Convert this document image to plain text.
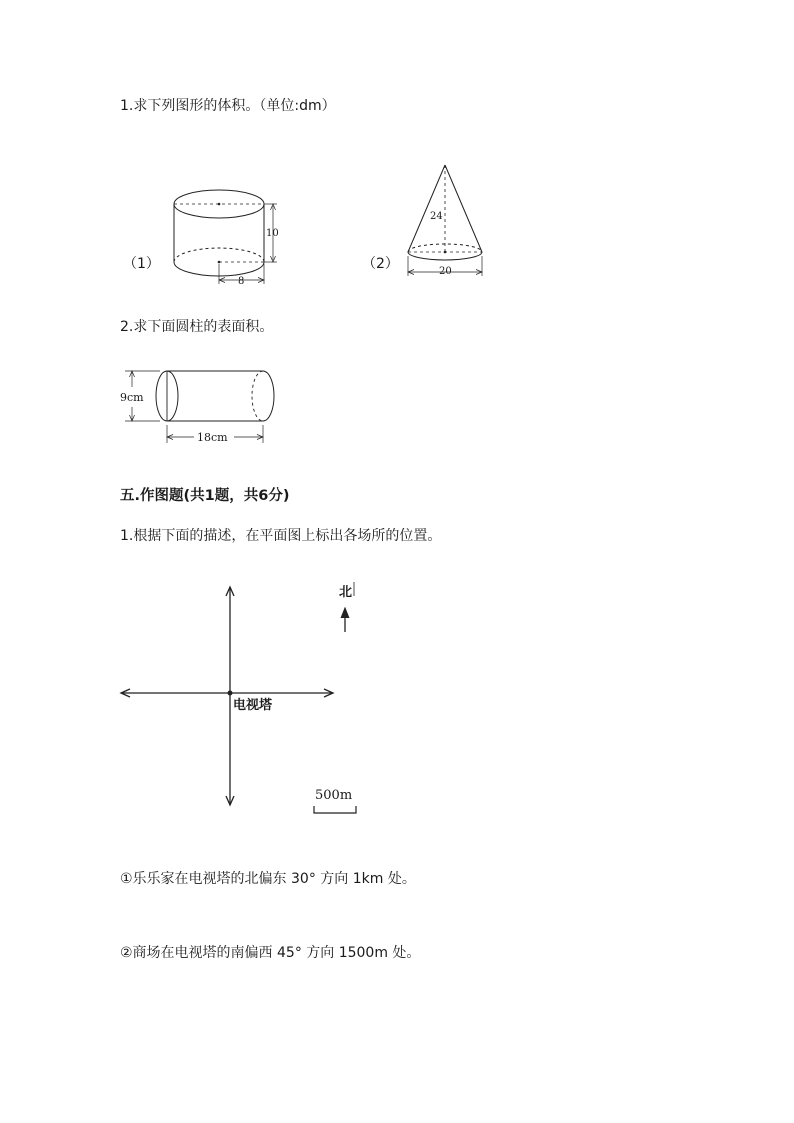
1.求下列图形的体积。（单位:dm）
10
8
（1）
24
20
（2）
2.求下面圆柱的表面积。
9cm
18cm
五.作图题(共1题，共6分)
1.根据下面的描述，在平面图上标出各场所的位置。
北
电视塔
500m
①乐乐家在电视塔的北偏东 30° 方向 1km 处。
②商场在电视塔的南偏西 45° 方向 1500m 处。
